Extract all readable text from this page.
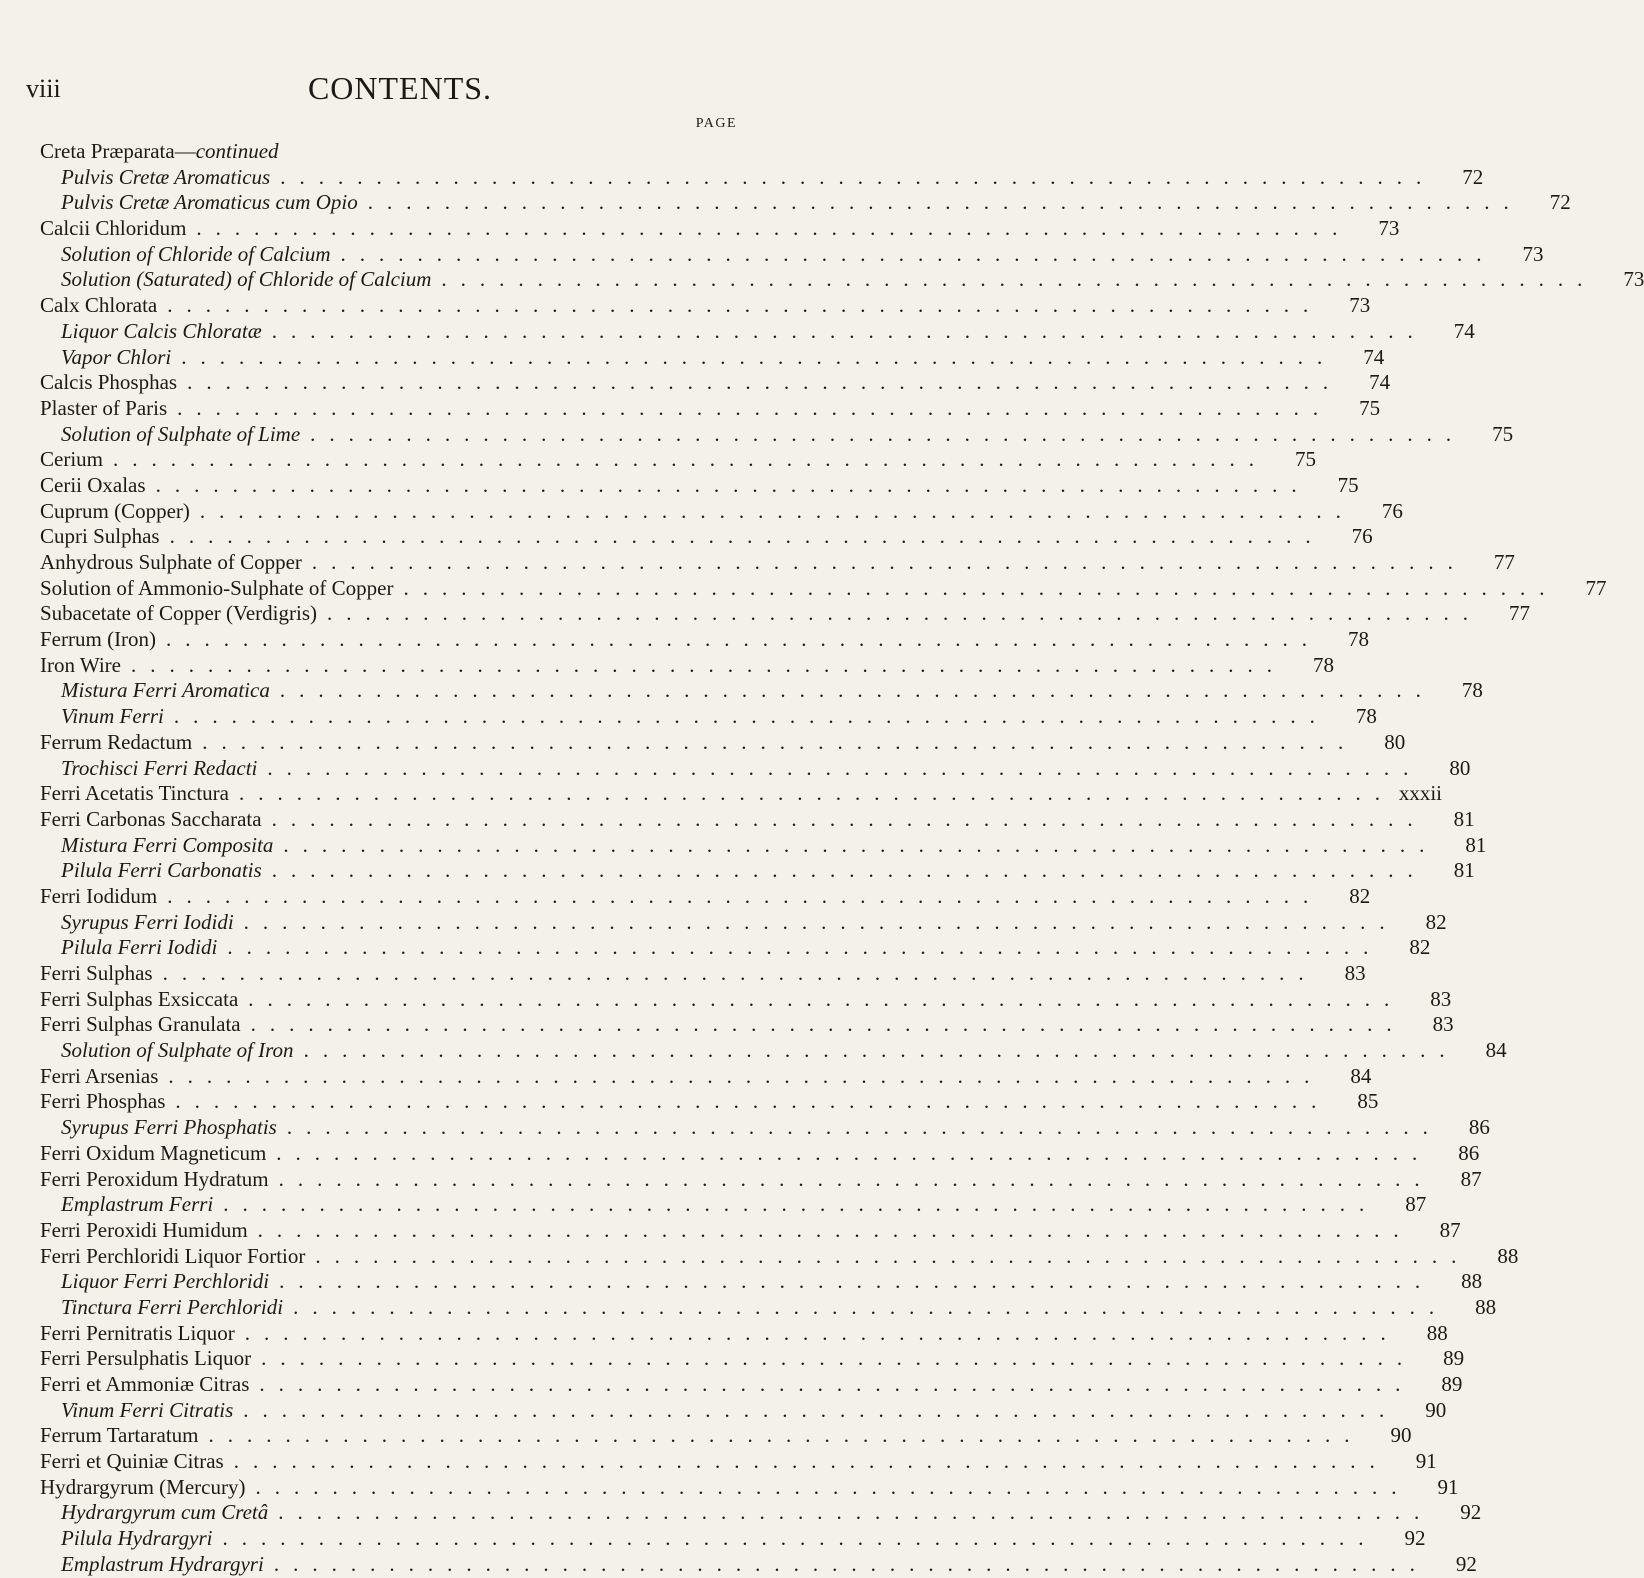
viii	CONTENTS.
PAGE
Creta Præparata—continued
Pulvis Cretæ Aromaticus ............................................................	72
Pulvis Cretæ Aromaticus cum Opio ............................................................	72
Calcii Chloridum ............................................................	73
Solution of Chloride of Calcium ............................................................	73
Solution (Saturated) of Chloride of Calcium ............................................................	73
Calx Chlorata ............................................................	73
Liquor Calcis Chloratæ ............................................................	74
Vapor Chlori ............................................................	74
Calcis Phosphas ............................................................	74
Plaster of Paris ............................................................	75
Solution of Sulphate of Lime ............................................................	75
Cerium ............................................................	75
Cerii Oxalas ............................................................	75
Cuprum (Copper) ............................................................	76
Cupri Sulphas ............................................................	76
Anhydrous Sulphate of Copper ............................................................	77
Solution of Ammonio-Sulphate of Copper ............................................................	77
Subacetate of Copper (Verdigris) ............................................................	77
Ferrum (Iron) ............................................................	78
Iron Wire ............................................................	78
Mistura Ferri Aromatica ............................................................	78
Vinum Ferri ............................................................	78
Ferrum Redactum ............................................................	80
Trochisci Ferri Redacti ............................................................	80
Ferri Acetatis Tinctura ............................................................ xxxii
Ferri Carbonas Saccharata ............................................................	81
Mistura Ferri Composita ............................................................	81
Pilula Ferri Carbonatis ............................................................	81
Ferri Iodidum ............................................................	82
Syrupus Ferri Iodidi ............................................................	82
Pilula Ferri Iodidi ............................................................	82
Ferri Sulphas ............................................................	83
Ferri Sulphas Exsiccata ............................................................	83
Ferri Sulphas Granulata ............................................................	83
Solution of Sulphate of Iron ............................................................	84
Ferri Arsenias ............................................................	84
Ferri Phosphas ............................................................	85
Syrupus Ferri Phosphatis ............................................................	86
Ferri Oxidum Magneticum ............................................................	86
Ferri Peroxidum Hydratum ............................................................	87
Emplastrum Ferri ............................................................	87
Ferri Peroxidi Humidum ............................................................	87
Ferri Perchloridi Liquor Fortior ............................................................	88
Liquor Ferri Perchloridi ............................................................	88
Tinctura Ferri Perchloridi ............................................................	88
Ferri Pernitratis Liquor ............................................................	88
Ferri Persulphatis Liquor ............................................................	89
Ferri et Ammoniæ Citras ............................................................	89
Vinum Ferri Citratis ............................................................	90
Ferrum Tartaratum ............................................................	90
Ferri et Quiniæ Citras ............................................................	91
Hydrargyrum (Mercury) ............................................................	91
Hydrargyrum cum Cretâ ............................................................	92
Pilula Hydrargyri ............................................................	92
Emplastrum Hydrargyri ............................................................	92
